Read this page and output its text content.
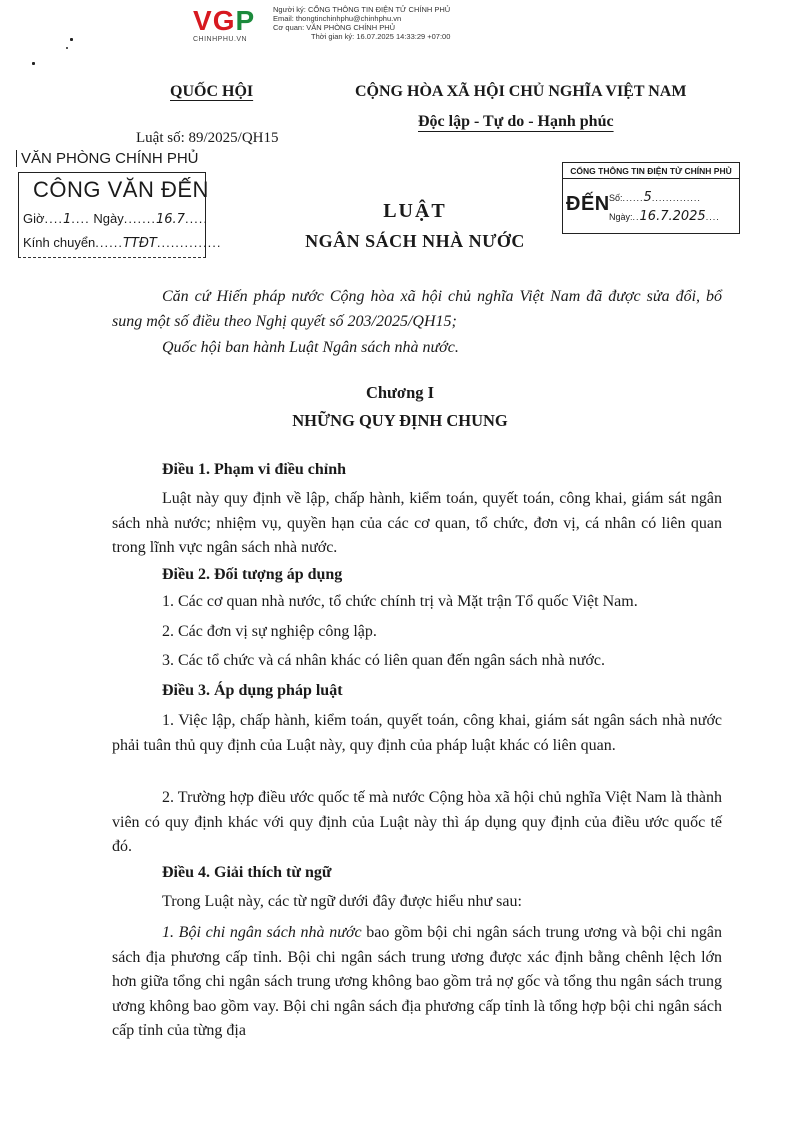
VGP
CHINHPHU.VN
Người ký: CỔNG THÔNG TIN ĐIỆN TỬ CHÍNH PHỦ
Email: thongtinchinhphu@chinhphu.vn
Cơ quan: VĂN PHÒNG CHÍNH PHỦ
Thời gian ký: 16.07.2025 14:33:29 +07:00
QUỐC HỘI	CỘNG HÒA XÃ HỘI CHỦ NGHĨA VIỆT NAM
Độc lập - Tự do - Hạnh phúc
Luật số: 89/2025/QH15
VĂN PHÒNG CHÍNH PHỦ
CÔNG VĂN ĐẾN
Giờ....1.... Ngày.......16.7.....
Kính chuyển......TTĐT..............
CỔNG THÔNG TIN ĐIỆN TỬ CHÍNH PHỦ
ĐẾN Số:......5..............
Ngày:..16.7.2025....
LUẬT
NGÂN SÁCH NHÀ NƯỚC
Căn cứ Hiến pháp nước Cộng hòa xã hội chủ nghĩa Việt Nam đã được sửa đổi, bổ sung một số điều theo Nghị quyết số 203/2025/QH15;
Quốc hội ban hành Luật Ngân sách nhà nước.
Chương I
NHỮNG QUY ĐỊNH CHUNG
Điều 1. Phạm vi điều chỉnh
Luật này quy định về lập, chấp hành, kiểm toán, quyết toán, công khai, giám sát ngân sách nhà nước; nhiệm vụ, quyền hạn của các cơ quan, tổ chức, đơn vị, cá nhân có liên quan trong lĩnh vực ngân sách nhà nước.
Điều 2. Đối tượng áp dụng
1. Các cơ quan nhà nước, tổ chức chính trị và Mặt trận Tổ quốc Việt Nam.
2. Các đơn vị sự nghiệp công lập.
3. Các tổ chức và cá nhân khác có liên quan đến ngân sách nhà nước.
Điều 3. Áp dụng pháp luật
1. Việc lập, chấp hành, kiểm toán, quyết toán, công khai, giám sát ngân sách nhà nước phải tuân thủ quy định của Luật này, quy định của pháp luật khác có liên quan.
2. Trường hợp điều ước quốc tế mà nước Cộng hòa xã hội chủ nghĩa Việt Nam là thành viên có quy định khác với quy định của Luật này thì áp dụng quy định của điều ước quốc tế đó.
Điều 4. Giải thích từ ngữ
Trong Luật này, các từ ngữ dưới đây được hiểu như sau:
1. Bội chi ngân sách nhà nước bao gồm bội chi ngân sách trung ương và bội chi ngân sách địa phương cấp tỉnh. Bội chi ngân sách trung ương được xác định bằng chênh lệch lớn hơn giữa tổng chi ngân sách trung ương không bao gồm trả nợ gốc và tổng thu ngân sách trung ương không bao gồm vay. Bội chi ngân sách địa phương cấp tỉnh là tổng hợp bội chi ngân sách cấp tỉnh của từng địa
